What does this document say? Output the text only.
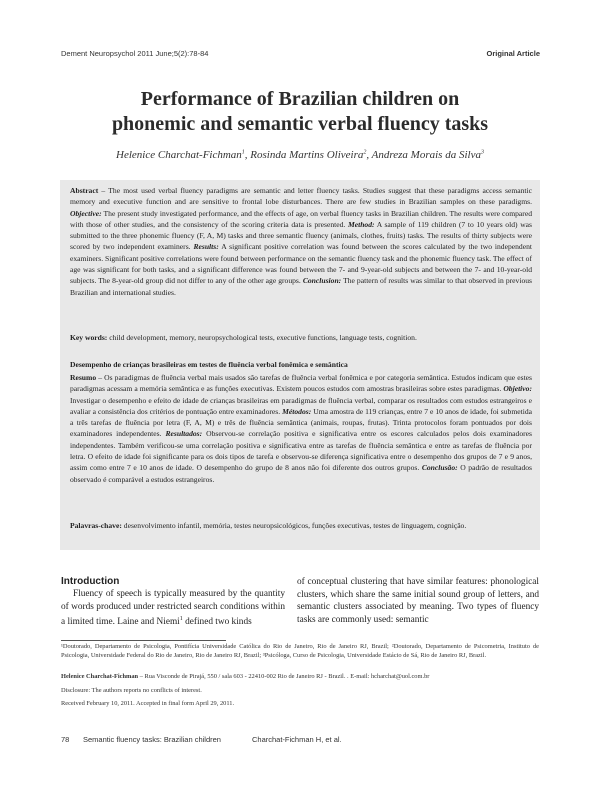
Dement Neuropsychol 2011 June;5(2):78-84	Original Article
Performance of Brazilian children on
phonemic and semantic verbal fluency tasks
Helenice Charchat-Fichman$^1$, Rosinda Martins Oliveira$^2$, Andreza Morais da Silva$^3$
Abstract – The most used verbal fluency paradigms are semantic and letter fluency tasks. Studies suggest that these paradigms access semantic memory and executive function and are sensitive to frontal lobe disturbances. There are few studies in Brazilian samples on these paradigms. Objective: The present study investigated performance, and the effects of age, on verbal fluency tasks in Brazilian children. The results were compared with those of other studies, and the consistency of the scoring criteria data is presented. Method: A sample of 119 children (7 to 10 years old) was submitted to the three phonemic fluency (F, A, M) tasks and three semantic fluency (animals, clothes, fruits) tasks. The results of thirty subjects were scored by two independent examiners. Results: A significant positive correlation was found between the scores calculated by the two independent examiners. Significant positive correlations were found between performance on the semantic fluency task and the phonemic fluency task. The effect of age was significant for both tasks, and a significant difference was found between the 7- and 9-year-old subjects and between the 7- and 10-year-old subjects. The 8-year-old group did not differ to any of the other age groups. Conclusion: The pattern of results was similar to that observed in previous Brazilian and international studies.
Key words: child development, memory, neuropsychological tests, executive functions, language tests, cognition.
Desempenho de crianças brasileiras em testes de fluência verbal fonêmica e semântica
Resumo – Os paradigmas de fluência verbal mais usados são tarefas de fluência verbal fonêmica e por categoria semântica. Estudos indicam que estes paradigmas acessam a memória semântica e as funções executivas. Existem poucos estudos com amostras brasileiras sobre estes paradigmas. Objetivo: Investigar o desempenho e efeito de idade de crianças brasileiras em paradigmas de fluência verbal, comparar os resultados com estudos estrangeiros e avaliar a consistência dos critérios de pontuação entre examinadores. Métodos: Uma amostra de 119 crianças, entre 7 e 10 anos de idade, foi submetida a três tarefas de fluência por letra (F, A, M) e três de fluência semântica (animais, roupas, frutas). Trinta protocolos foram pontuados por dois examinadores independentes. Resultados: Observou-se correlação positiva e significativa entre os escores calculados pelos dois examinadores independentes. Também verificou-se uma correlação positiva e significativa entre as tarefas de fluência semântica e entre as tarefas de fluência por letra. O efeito de idade foi significante para os dois tipos de tarefa e observou-se diferença significativa entre o desempenho dos grupos de 7 e 9 anos, assim como entre 7 e 10 anos de idade. O desempenho do grupo de 8 anos não foi diferente dos outros grupos. Conclusão: O padrão de resultados observado é comparável a estudos estrangeiros.
Palavras-chave: desenvolvimento infantil, memória, testes neuropsicológicos, funções executivas, testes de linguagem, cognição.
Introduction
Fluency of speech is typically measured by the quantity of words produced under restricted search conditions within a limited time. Laine and Niemi$^1$ defined two kinds
of conceptual clustering that have similar features: phonological clusters, which share the same initial sound group of letters, and semantic clusters associated by meaning. Two types of fluency tasks are commonly used: semantic
¹Doutorado, Departamento de Psicologia, Pontifícia Universidade Católica do Rio de Janeiro, Rio de Janeiro RJ, Brazil; ²Doutorado, Departamento de Psicometria, Instituto de Psicologia, Universidade Federal do Rio de Janeiro, Rio de Janeiro RJ, Brazil; ³Psicóloga, Curso de Psicologia, Universidade Estácio de Sá, Rio de Janeiro RJ, Brazil.
Helenice Charchat-Fichman – Rua Visconde de Pirajá, 550 / sala 603 - 22410-002 Rio de Janeiro RJ - Brazil. . E-mail: hcharchat@uol.com.br
Disclosure: The authors reports no conflicts of interest.
Received February 10, 2011. Accepted in final form April 29, 2011.
78 Semantic fluency tasks: Brazilian children	Charchat-Fichman H, et al.
